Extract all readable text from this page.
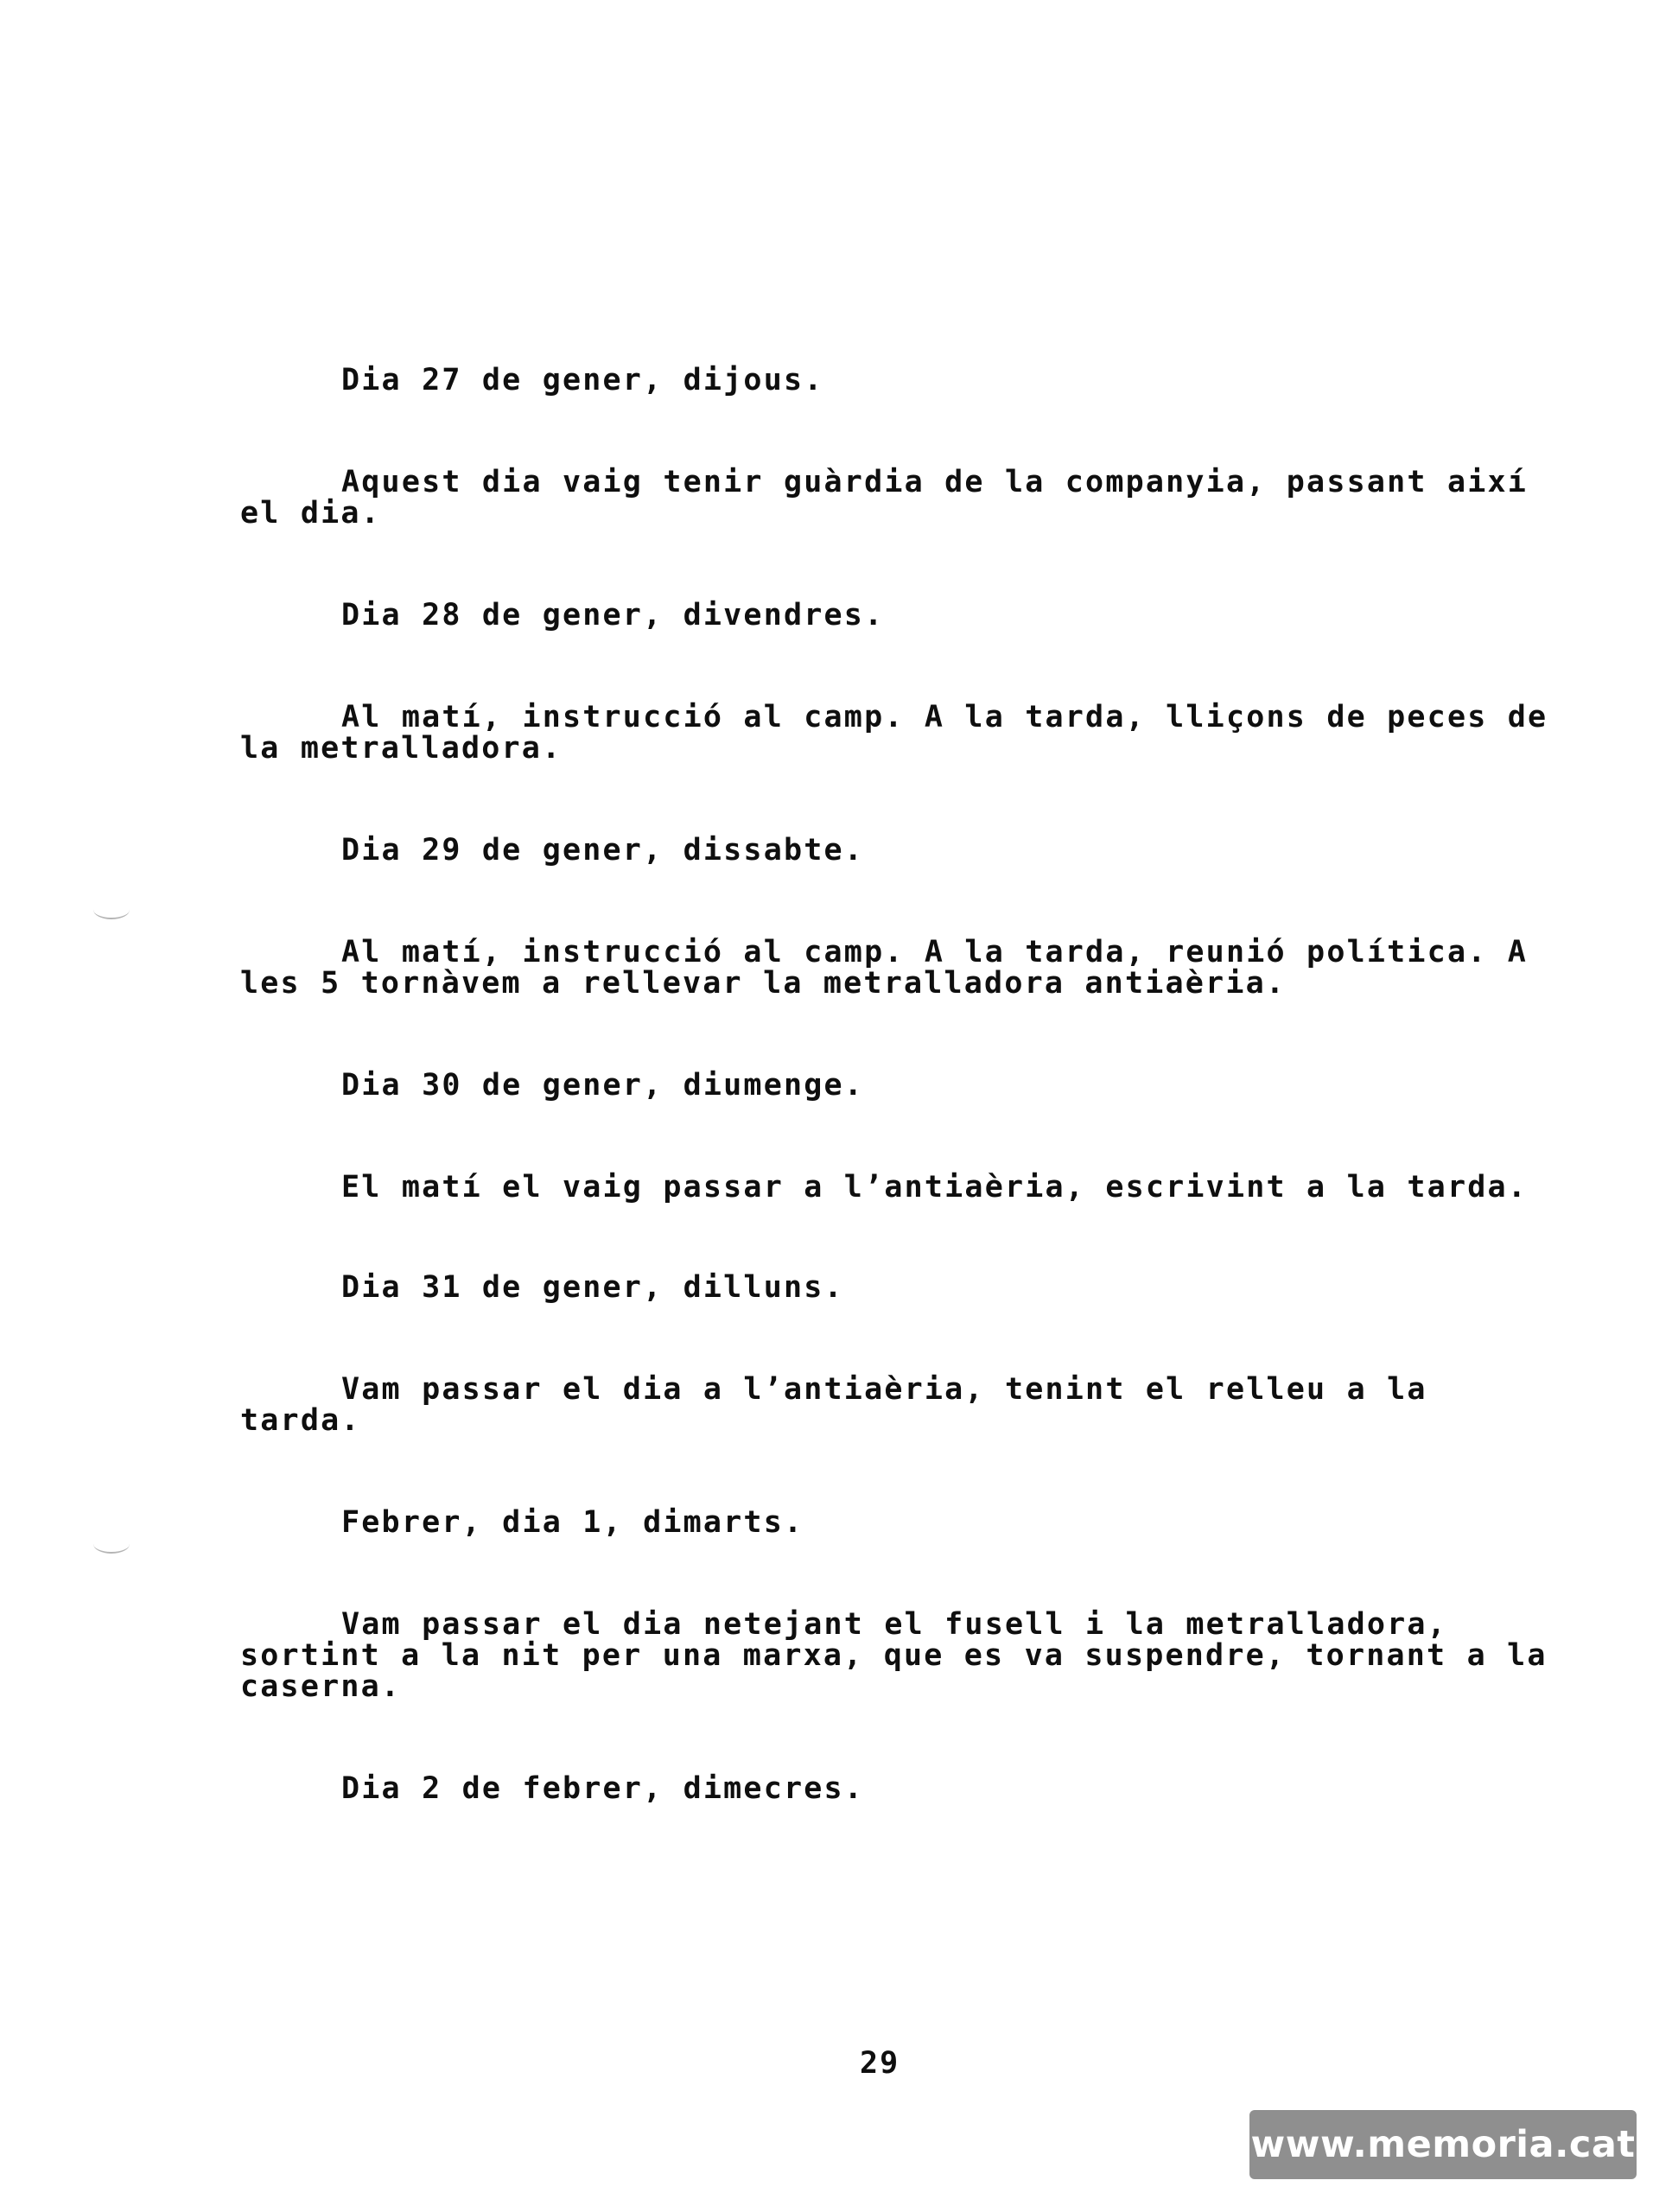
Dia 27 de gener, dijous.

Aquest dia vaig tenir guàrdia de la companyia, passant així el dia.

Dia 28 de gener, divendres.

Al matí, instrucció al camp. A la tarda, lliçons de peces de la metralladora.

Dia 29 de gener, dissabte.

Al matí, instrucció al camp. A la tarda, reunió política. A les 5 tornàvem a rellevar la metralladora antiaèria.

Dia 30 de gener, diumenge.

El matí el vaig passar a l’antiaèria, escrivint a la tarda.

Dia 31 de gener, dilluns.

Vam passar el dia a l’antiaèria, tenint el relleu a la tarda.

Febrer, dia 1, dimarts.

Vam passar el dia netejant el fusell i la metralladora, sortint a la nit per una marxa, que es va suspendre, tornant a la caserna.

Dia 2 de febrer, dimecres.

29
www.memoria.cat
